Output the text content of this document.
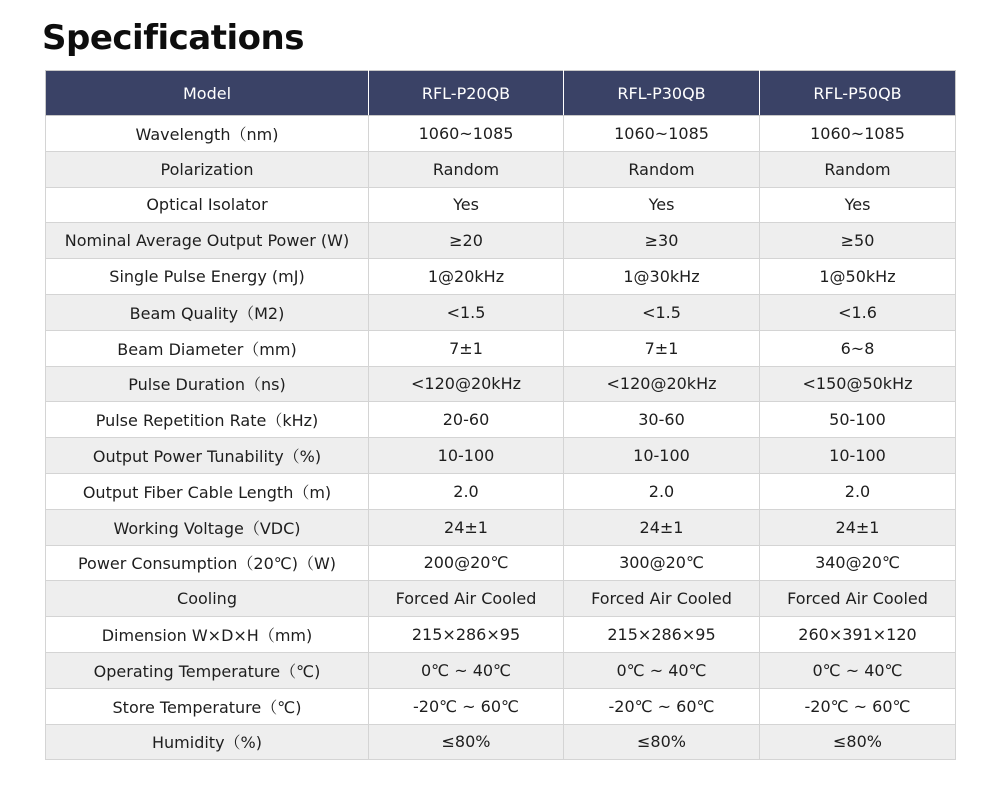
Specifications
Model	RFL-P20QB	RFL-P30QB	RFL-P50QB
Wavelength（nm)	1060~1085	1060~1085	1060~1085
Polarization	Random	Random	Random
Optical Isolator	Yes	Yes	Yes
Nominal Average Output Power (W)	≥20	≥30	≥50
Single Pulse Energy (mJ)	1@20kHz	1@30kHz	1@50kHz
Beam Quality（M2)	<1.5	<1.5	<1.6
Beam Diameter（mm)	7±1	7±1	6~8
Pulse Duration（ns)	<120@20kHz	<120@20kHz	<150@50kHz
Pulse Repetition Rate（kHz)	20-60	30-60	50-100
Output Power Tunability（%)	10-100	10-100	10-100
Output Fiber Cable Length（m)	2.0	2.0	2.0
Working Voltage（VDC)	24±1	24±1	24±1
Power Consumption（20℃)（W)	200@20℃	300@20℃	340@20℃
Cooling	Forced Air Cooled	Forced Air Cooled	Forced Air Cooled
Dimension W×D×H（mm)	215×286×95	215×286×95	260×391×120
Operating Temperature（℃)	0℃ ~ 40℃	0℃ ~ 40℃	0℃ ~ 40℃
Store Temperature（℃)	-20℃ ~ 60℃	-20℃ ~ 60℃	-20℃ ~ 60℃
Humidity（%)	≤80%	≤80%	≤80%
